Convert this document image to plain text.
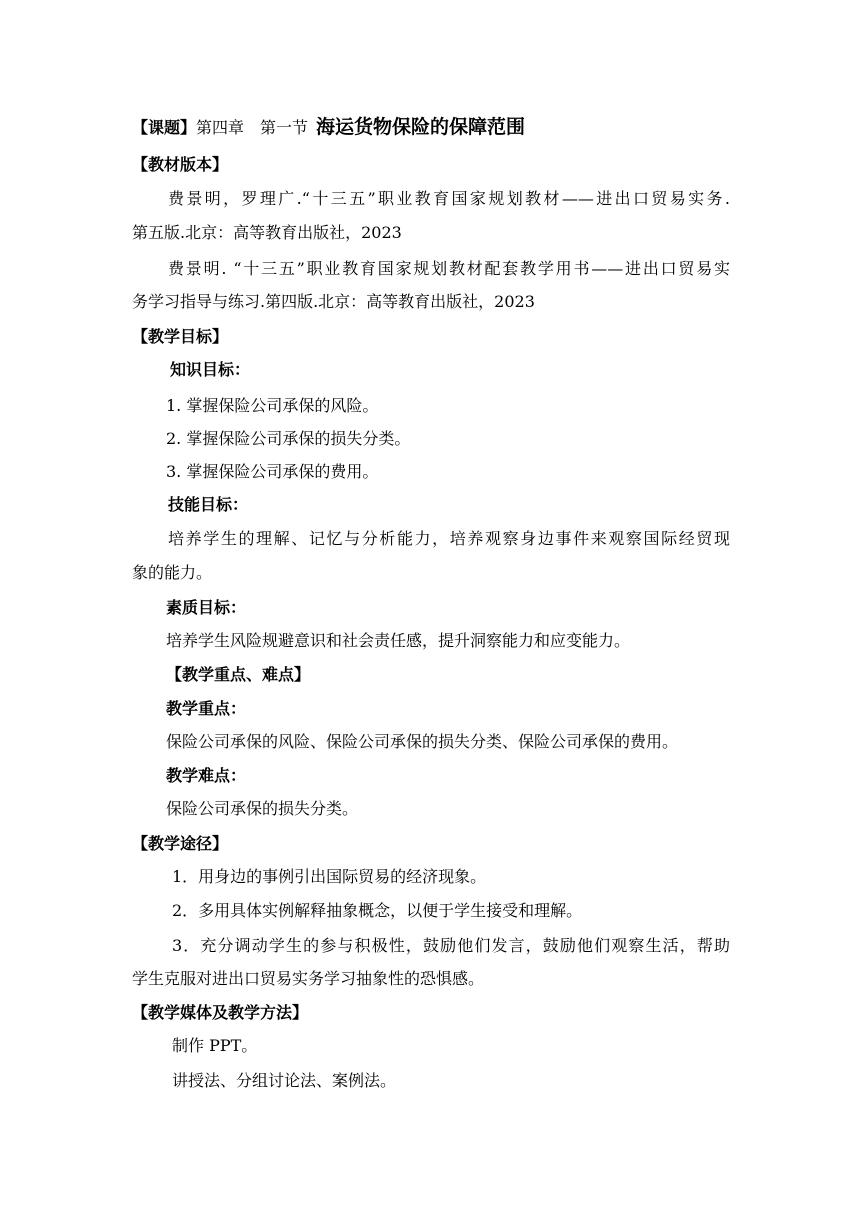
【课题】第四章　第一节 海运货物保险的保障范围
【教材版本】
费景明，罗理广.“十三五”职业教育国家规划教材——进出口贸易实务.
第五版.北京：高等教育出版社，2023
费景明. “十三五”职业教育国家规划教材配套教学用书——进出口贸易实
务学习指导与练习.第四版.北京：高等教育出版社，2023
【教学目标】
知识目标：
1. 掌握保险公司承保的风险。
2. 掌握保险公司承保的损失分类。
3. 掌握保险公司承保的费用。
技能目标：
培养学生的理解、记忆与分析能力，培养观察身边事件来观察国际经贸现
象的能力。
素质目标：
培养学生风险规避意识和社会责任感，提升洞察能力和应变能力。
【教学重点、难点】
教学重点：
保险公司承保的风险、保险公司承保的损失分类、保险公司承保的费用。
教学难点：
保险公司承保的损失分类。
【教学途径】
1．用身边的事例引出国际贸易的经济现象。
2．多用具体实例解释抽象概念，以便于学生接受和理解。
3．充分调动学生的参与积极性，鼓励他们发言，鼓励他们观察生活，帮助
学生克服对进出口贸易实务学习抽象性的恐惧感。
【教学媒体及教学方法】
制作 PPT。
讲授法、分组讨论法、案例法。
